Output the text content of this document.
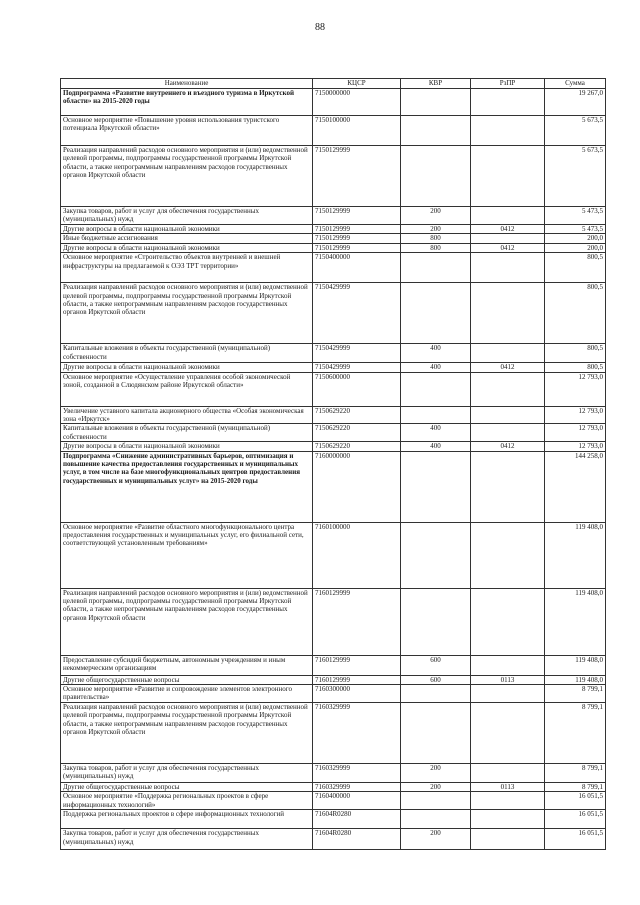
88
Наименование	КЦСР	КВР	РзПР	Сумма
Подпрограмма «Развитие внутреннего и въездного туризма в Иркутской области» на 2015-2020 годы	7150000000			19 267,0
Основное мероприятие «Повышение уровня использования туристского потенциала Иркутской области»	7150100000			5 673,5
Реализация направлений расходов основного мероприятия и (или) ведомственной целевой программы, подпрограммы государственной программы Иркутской области, а также непрограммным направлениям расходов государственных органов Иркутской области	7150129999			5 673,5
Закупка товаров, работ и услуг для обеспечения государственных (муниципальных) нужд	7150129999	200		5 473,5
Другие вопросы в области национальной экономики	7150129999	200	0412	5 473,5
Иные бюджетные ассигнования	7150129999	800		200,0
Другие вопросы в области национальной экономики	7150129999	800	0412	200,0
Основное мероприятие «Строительство объектов внутренней и внешней инфраструктуры на предлагаемой к ОЭЗ ТРТ территории»	7150400000			800,5
Реализация направлений расходов основного мероприятия и (или) ведомственной целевой программы, подпрограммы государственной программы Иркутской области, а также непрограммным направлениям расходов государственных органов Иркутской области	7150429999			800,5
Капитальные вложения в объекты государственной (муниципальной) собственности	7150429999	400		800,5
Другие вопросы в области национальной экономики	7150429999	400	0412	800,5
Основное мероприятие «Осуществление управления особой экономической зоной, созданной в Слюдянском районе Иркутской области»	7150600000			12 793,0
Увеличение уставного капитала акционерного общества «Особая экономическая зона «Иркутск»	7150629220			12 793,0
Капитальные вложения в объекты государственной (муниципальной) собственности	7150629220	400		12 793,0
Другие вопросы в области национальной экономики	7150629220	400	0412	12 793,0
Подпрограмма «Снижение административных барьеров, оптимизация и повышение качества предоставления государственных и муниципальных услуг, в том числе на базе многофункциональных центров предоставления государственных и муниципальных услуг» на 2015-2020 годы	7160000000			144 258,0
Основное мероприятие «Развитие областного многофункционального центра предоставления государственных и муниципальных услуг, его филиальной сети, соответствующей установленным требованиям»	7160100000			119 408,0
Реализация направлений расходов основного мероприятия и (или) ведомственной целевой программы, подпрограммы государственной программы Иркутской области, а также непрограммным направлениям расходов государственных органов Иркутской области	7160129999			119 408,0
Предоставление субсидий бюджетным, автономным учреждениям и иным некоммерческим организациям	7160129999	600		119 408,0
Другие общегосударственные вопросы	7160129999	600	0113	119 408,0
Основное мероприятие «Развитие и сопровождение элементов электронного правительства»	7160300000			8 799,1
Реализация направлений расходов основного мероприятия и (или) ведомственной целевой программы, подпрограммы государственной программы Иркутской области, а также непрограммным направлениям расходов государственных органов Иркутской области	7160329999			8 799,1
Закупка товаров, работ и услуг для обеспечения государственных (муниципальных) нужд	7160329999	200		8 799,1
Другие общегосударственные вопросы	7160329999	200	0113	8 799,1
Основное мероприятие «Поддержка региональных проектов в сфере информационных технологий»	7160400000			16 051,5
Поддержка региональных проектов в сфере информационных технологий	71604R0280			16 051,5
Закупка товаров, работ и услуг для обеспечения государственных (муниципальных) нужд	71604R0280	200		16 051,5
